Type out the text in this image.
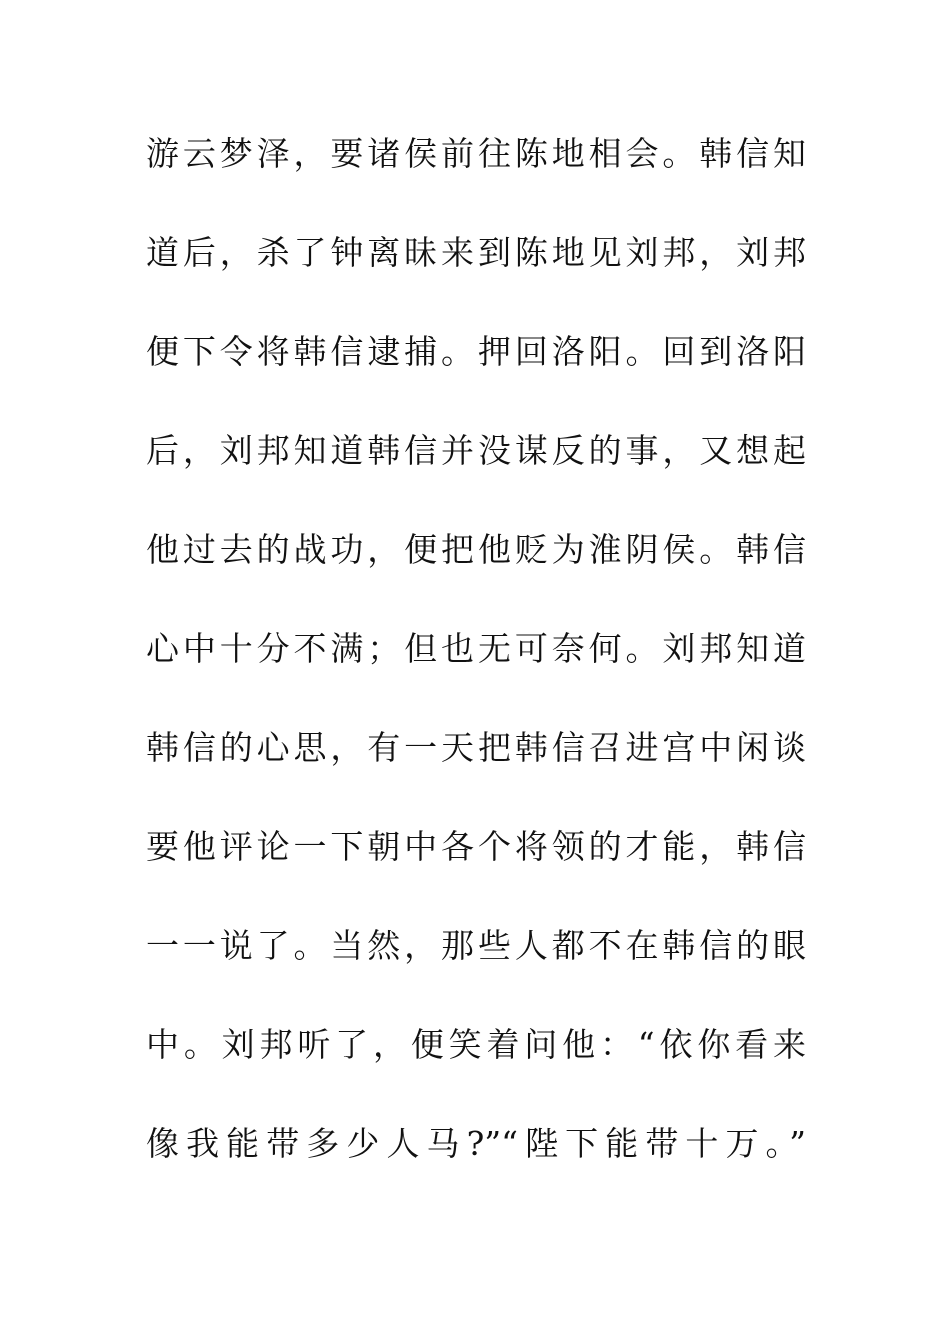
游云梦泽，要诸侯前往陈地相会。韩信知
道后，杀了钟离昧来到陈地见刘邦，刘邦
便下令将韩信逮捕。押回洛阳。回到洛阳
后，刘邦知道韩信并没谋反的事，又想起
他过去的战功，便把他贬为淮阴侯。韩信
心中十分不满；但也无可奈何。刘邦知道
韩信的心思，有一天把韩信召进宫中闲谈
要他评论一下朝中各个将领的才能，韩信
一一说了。当然，那些人都不在韩信的眼
中。刘邦听了，便笑着问他：“依你看来
像我能带多少人马?”“陛下能带十万。”
